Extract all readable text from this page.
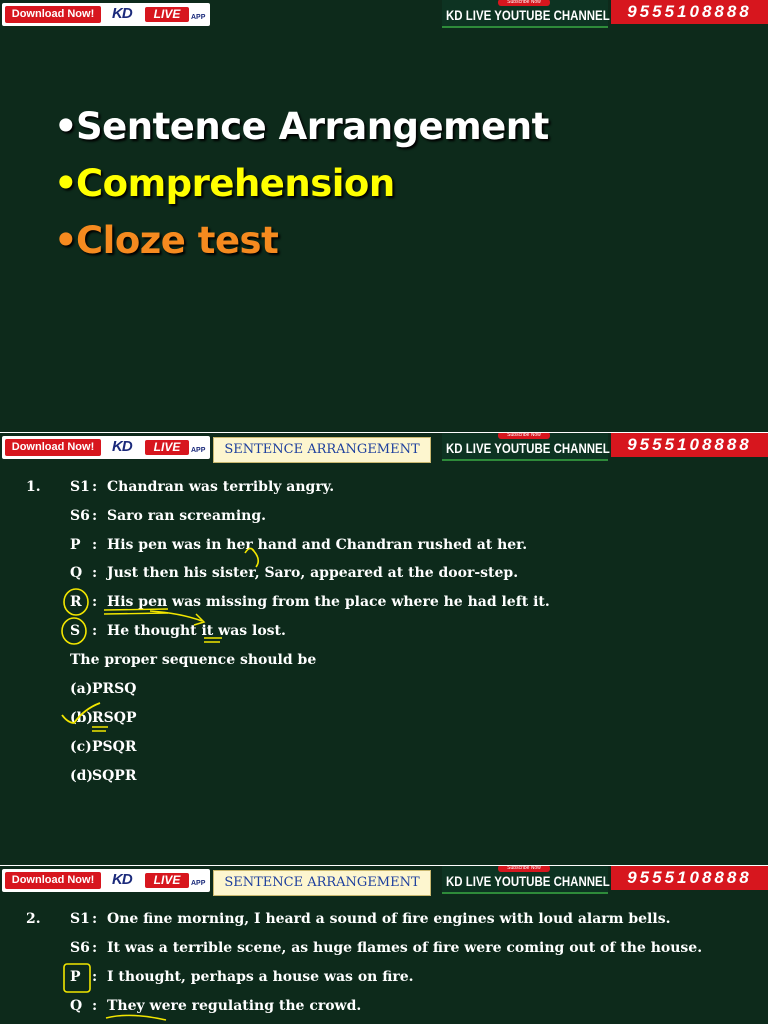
Download Now!	KD	LIVE	APP
Subscribe Now
KD LIVE YOUTUBE CHANNEL	9555108888
•Sentence Arrangement
•Comprehension
•Cloze test
Download Now!	KD	LIVE	APP	SENTENCE ARRANGEMENT
Subscribe Now
KD LIVE YOUTUBE CHANNEL	9555108888
1. S1 : Chandran was terribly angry.
S6 : Saro ran screaming.
P : His pen was in her hand and Chandran rushed at her.
Q : Just then his sister, Saro, appeared at the door-step.
R : His pen was missing from the place where he had left it.
S : He thought it was lost.
The proper sequence should be
(a) PRSQ
(b)
RSQP
(c) PSQR
(d)
SQPR
Download Now!	KD	LIVE	APP	SENTENCE ARRANGEMENT
Subscribe Now
KD LIVE YOUTUBE CHANNEL	9555108888
2. S1 : One fine morning, I heard a sound of fire engines with loud alarm bells.
S6 : It was a terrible scene, as huge flames of fire were coming out of the house.
P : I thought, perhaps a house was on fire.
Q : They were regulating the crowd.
